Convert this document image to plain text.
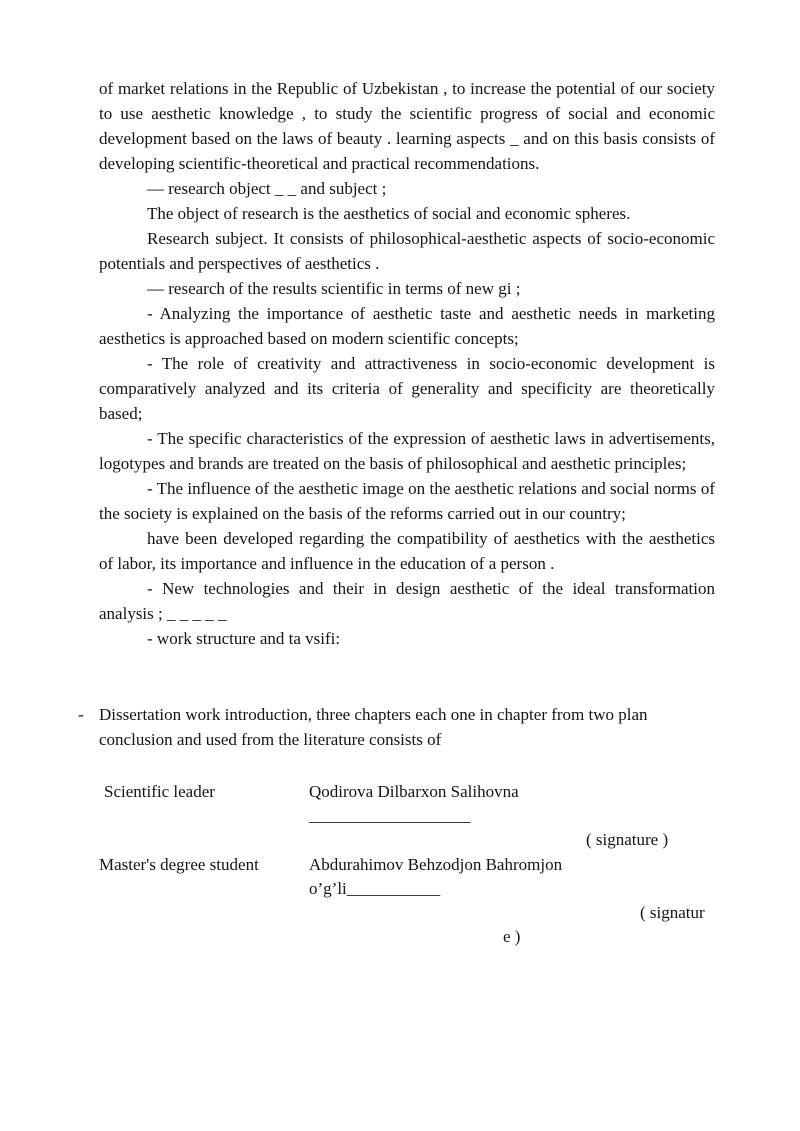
of market relations in the Republic of Uzbekistan , to increase the potential of our society to use aesthetic knowledge , to study the scientific progress of social and economic development based on the laws of beauty . learning aspects _ and on this basis consists of developing scientific-theoretical and practical recommendations.

— research object _ _ and subject ;

The object of research is the aesthetics of social and economic spheres.

Research subject. It consists of philosophical-aesthetic aspects of socio-economic potentials and perspectives of aesthetics .

— research of the results scientific in terms of new gi ;

- Analyzing the importance of aesthetic taste and aesthetic needs in marketing aesthetics is approached based on modern scientific concepts;

- The role of creativity and attractiveness in socio-economic development is comparatively analyzed and its criteria of generality and specificity are theoretically based;

- The specific characteristics of the expression of aesthetic laws in advertisements, logotypes and brands are treated on the basis of philosophical and aesthetic principles;

- The influence of the aesthetic image on the aesthetic relations and social norms of the society is explained on the basis of the reforms carried out in our country;

have been developed regarding the compatibility of aesthetics with the aesthetics of labor, its importance and influence in the education of a person .

- New technologies and their in design aesthetic of the ideal transformation analysis ; _ _ _ _ _

- work structure and ta vsifi:

- Dissertation work introduction, three chapters each one in chapter from two plan conclusion and used from the literature consists of
Scientific leader	Qodirova Dilbarxon Salihovna
___________________
( signature )
Master's degree student	Abdurahimov Behzodjon Bahromjon
o’g’li___________
( signatur
e )
